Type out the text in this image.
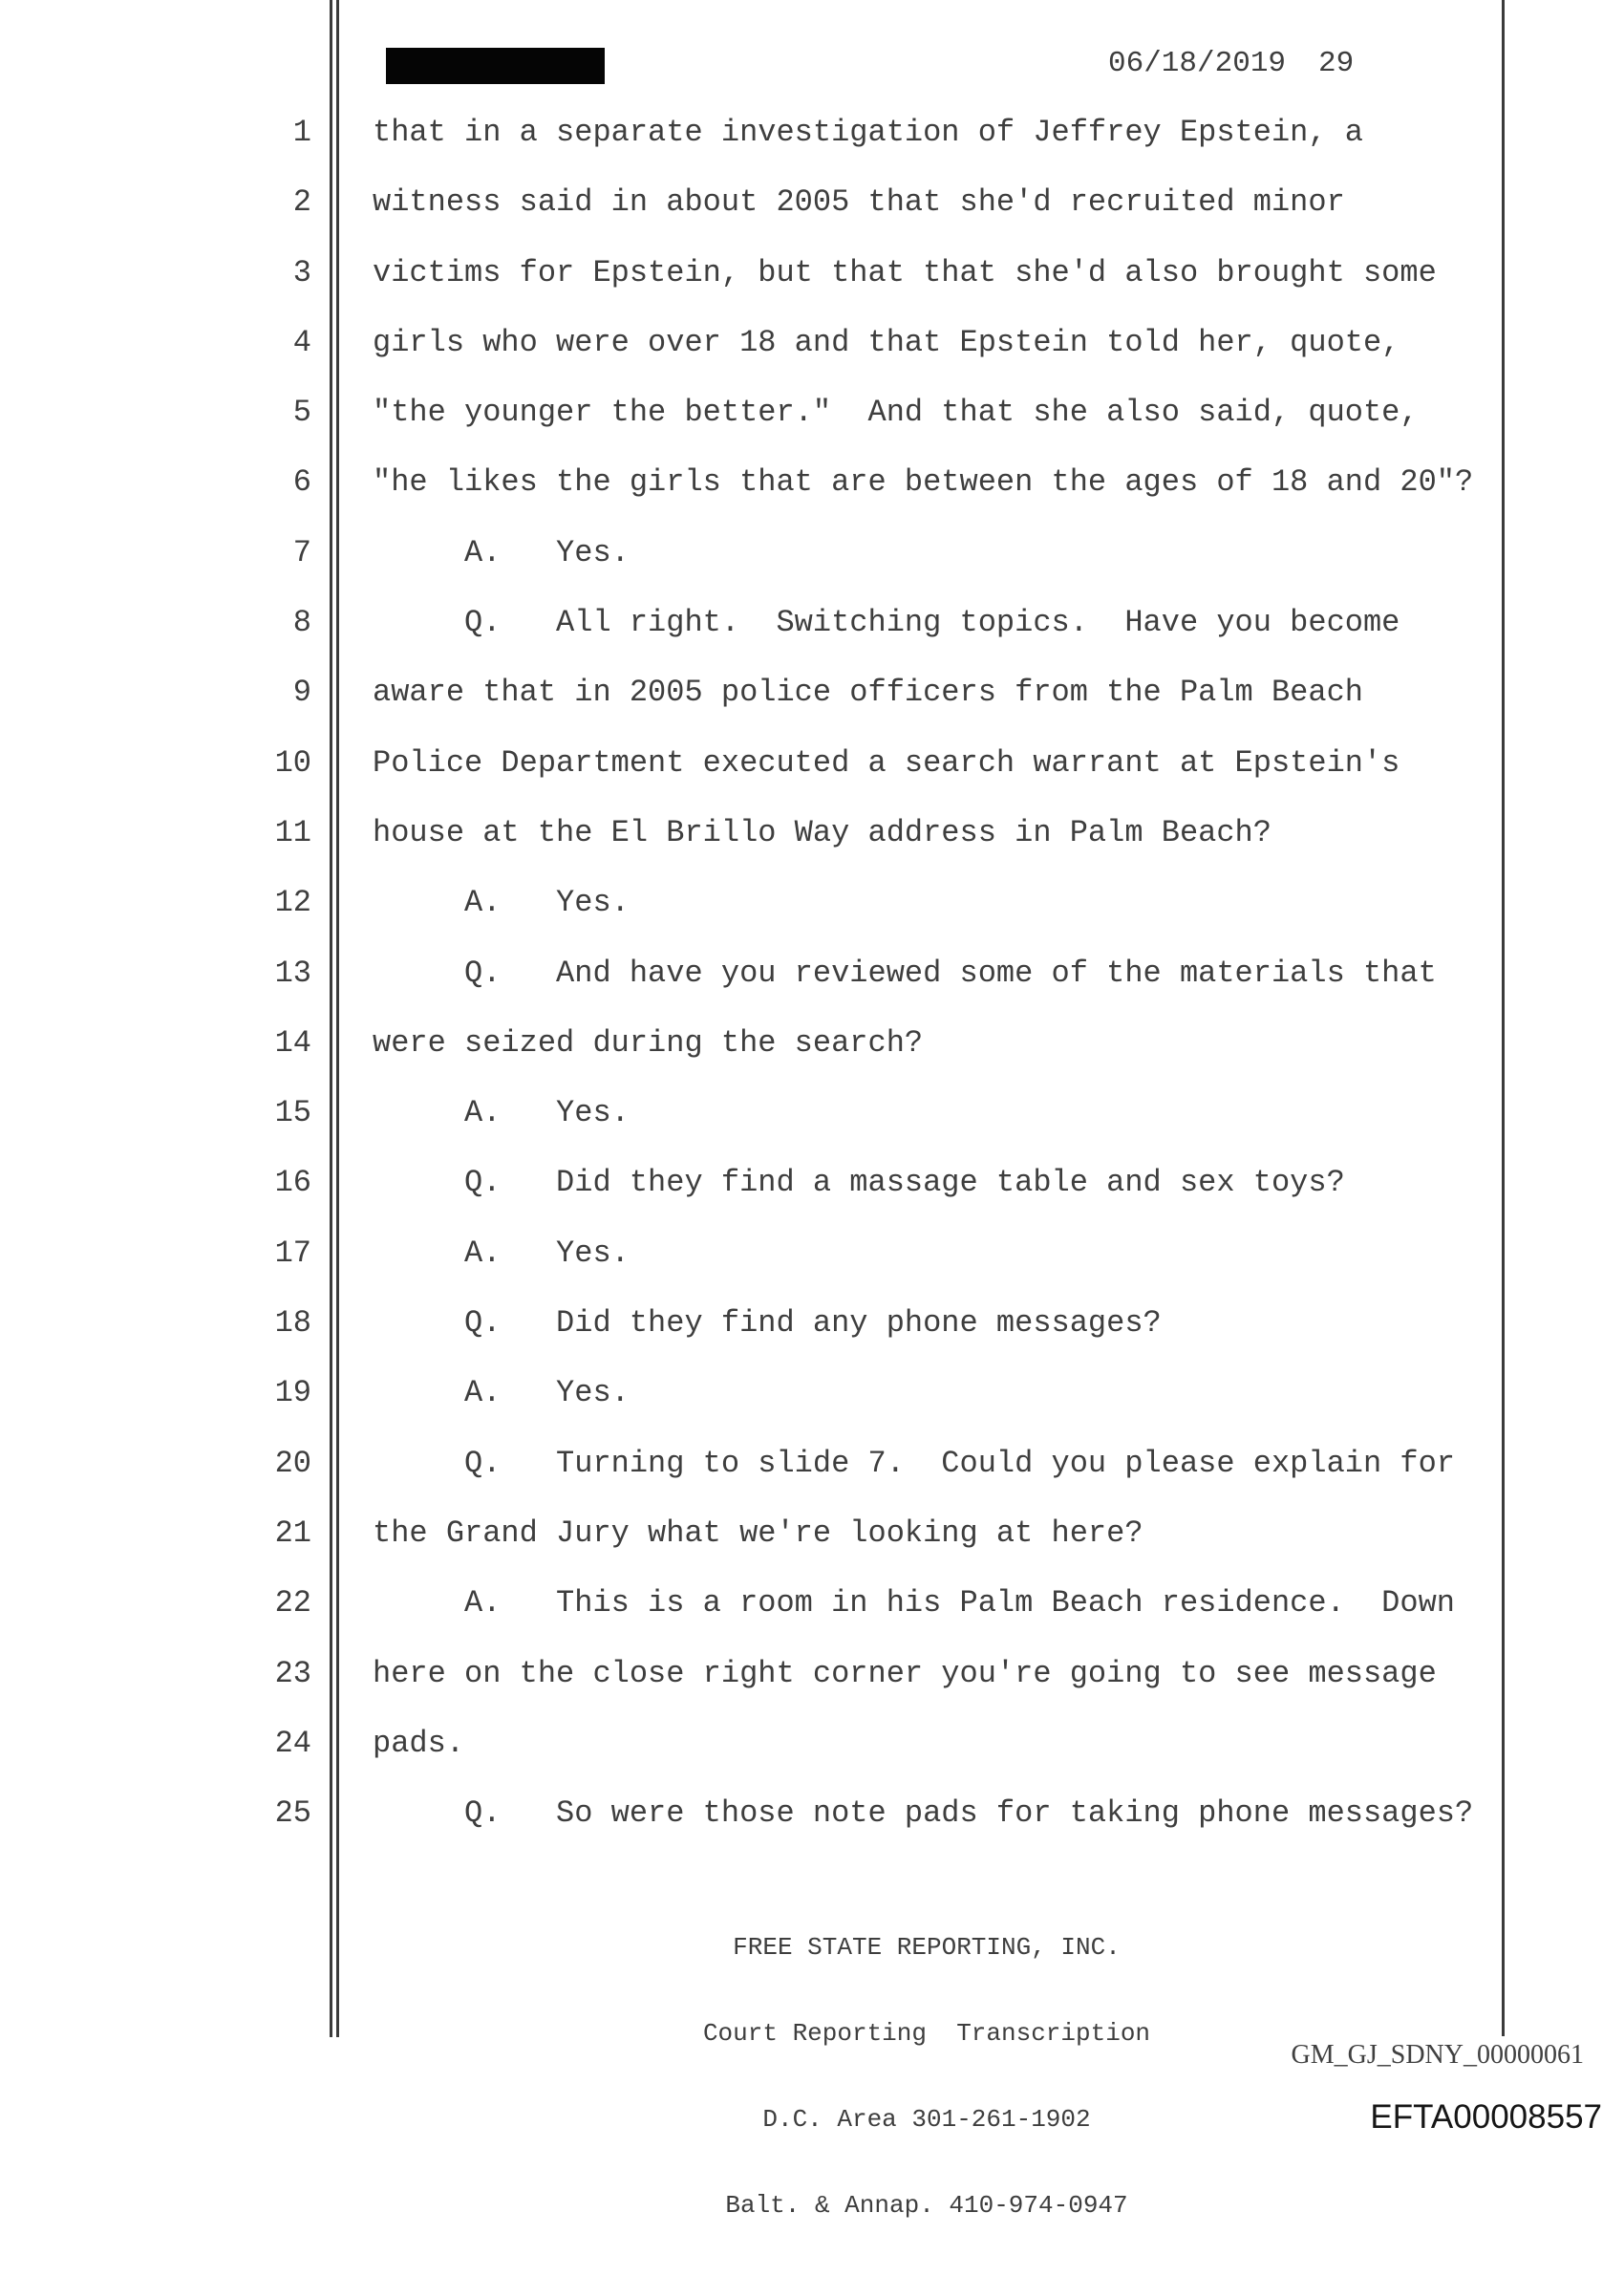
06/18/2019 29
1
2
3
4
5
6
7
8
9
10
11
12
13
14
15
16
17
18
19
20
21
22
23
24
25
that in a separate investigation of Jeffrey Epstein, a
witness said in about 2005 that she'd recruited minor
victims for Epstein, but that that she'd also brought some
girls who were over 18 and that Epstein told her, quote,
"the younger the better."  And that she also said, quote,
"he likes the girls that are between the ages of 18 and 20"?
A.   Yes.
Q.   All right.  Switching topics.  Have you become
aware that in 2005 police officers from the Palm Beach
Police Department executed a search warrant at Epstein's
house at the El Brillo Way address in Palm Beach?
A.   Yes.
Q.   And have you reviewed some of the materials that
were seized during the search?
A.   Yes.
Q.   Did they find a massage table and sex toys?
A.   Yes.
Q.   Did they find any phone messages?
A.   Yes.
Q.   Turning to slide 7.  Could you please explain for
the Grand Jury what we're looking at here?
A.   This is a room in his Palm Beach residence.  Down
here on the close right corner you're going to see message
pads.
Q.   So were those note pads for taking phone messages?

FREE STATE REPORTING, INC.

Court Reporting  Transcription

D.C. Area 301-261-1902

Balt. & Annap. 410-974-0947

GM_GJ_SDNY_00000061
EFTA00008557
